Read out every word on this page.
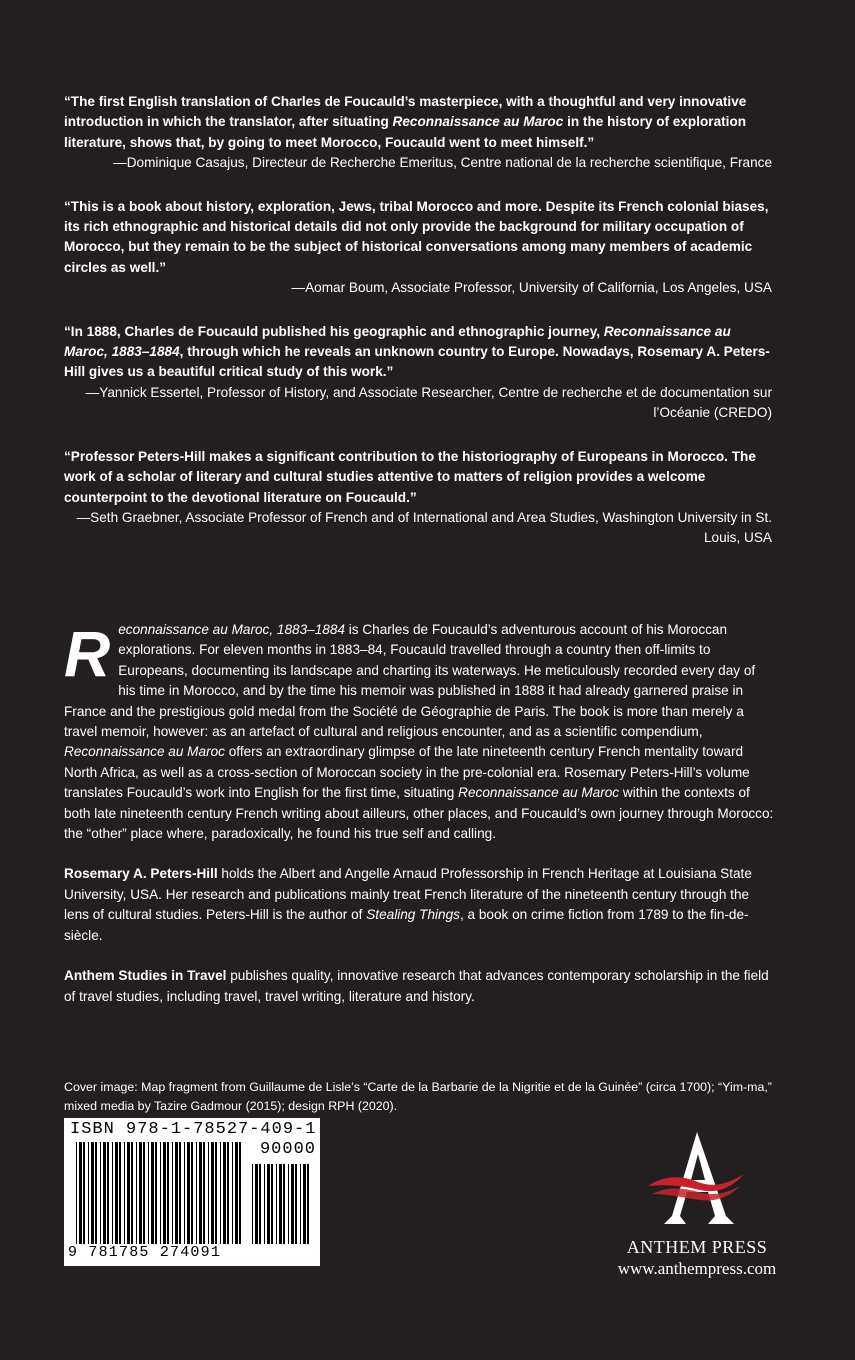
“The first English translation of Charles de Foucauld’s masterpiece, with a thoughtful and very innovative introduction in which the translator, after situating Reconnaissance au Maroc in the history of exploration literature, shows that, by going to meet Morocco, Foucauld went to meet himself.”

—Dominique Casajus, Directeur de Recherche Emeritus, Centre national de la recherche scientifique, France

“This is a book about history, exploration, Jews, tribal Morocco and more. Despite its French colonial biases, its rich ethnographic and historical details did not only provide the background for military occupation of Morocco, but they remain to be the subject of historical conversations among many members of academic circles as well.”

—Aomar Boum, Associate Professor, University of California, Los Angeles, USA

“In 1888, Charles de Foucauld published his geographic and ethnographic journey, Reconnaissance au Maroc, 1883–1884, through which he reveals an unknown country to Europe. Nowadays, Rosemary A. Peters-Hill gives us a beautiful critical study of this work.”

—Yannick Essertel, Professor of History, and Associate Researcher, Centre de recherche et de documentation sur l’Océanie (CREDO)

“Professor Peters-Hill makes a significant contribution to the historiography of Europeans in Morocco. The work of a scholar of literary and cultural studies attentive to matters of religion provides a welcome counterpoint to the devotional literature on Foucauld.”

—Seth Graebner, Associate Professor of French and of International and Area Studies, Washington University in St. Louis, USA

Reconnaissance au Maroc, 1883–1884 is Charles de Foucauld’s adventurous account of his Moroccan explorations. For eleven months in 1883–84, Foucauld travelled through a country then off-limits to Europeans, documenting its landscape and charting its waterways. He meticulously recorded every day of his time in Morocco, and by the time his memoir was published in 1888 it had already garnered praise in France and the prestigious gold medal from the Société de Géographie de Paris. The book is more than merely a travel memoir, however: as an artefact of cultural and religious encounter, and as a scientific compendium, Reconnaissance au Maroc offers an extraordinary glimpse of the late nineteenth century French mentality toward North Africa, as well as a cross-section of Moroccan society in the pre-colonial era. Rosemary Peters-Hill’s volume translates Foucauld’s work into English for the first time, situating Reconnaissance au Maroc within the contexts of both late nineteenth century French writing about ailleurs, other places, and Foucauld’s own journey through Morocco: the “other” place where, paradoxically, he found his true self and calling.

Rosemary A. Peters-Hill holds the Albert and Angelle Arnaud Professorship in French Heritage at Louisiana State University, USA. Her research and publications mainly treat French literature of the nineteenth century through the lens of cultural studies. Peters-Hill is the author of Stealing Things, a book on crime fiction from 1789 to the fin-de-siècle.

Anthem Studies in Travel publishes quality, innovative research that advances contemporary scholarship in the field of travel studies, including travel, travel writing, literature and history.

Cover image: Map fragment from Guillaume de Lisle’s “Carte de la Barbarie de la Nigritie et de la Guinée” (circa 1700); “Yim-ma,” mixed media by Tazire Gadmour (2015); design RPH (2020).
ISBN 978-1-78527-409-1
90000
9 781785 274091	ANTHEM PRESS
www.anthempress.com
